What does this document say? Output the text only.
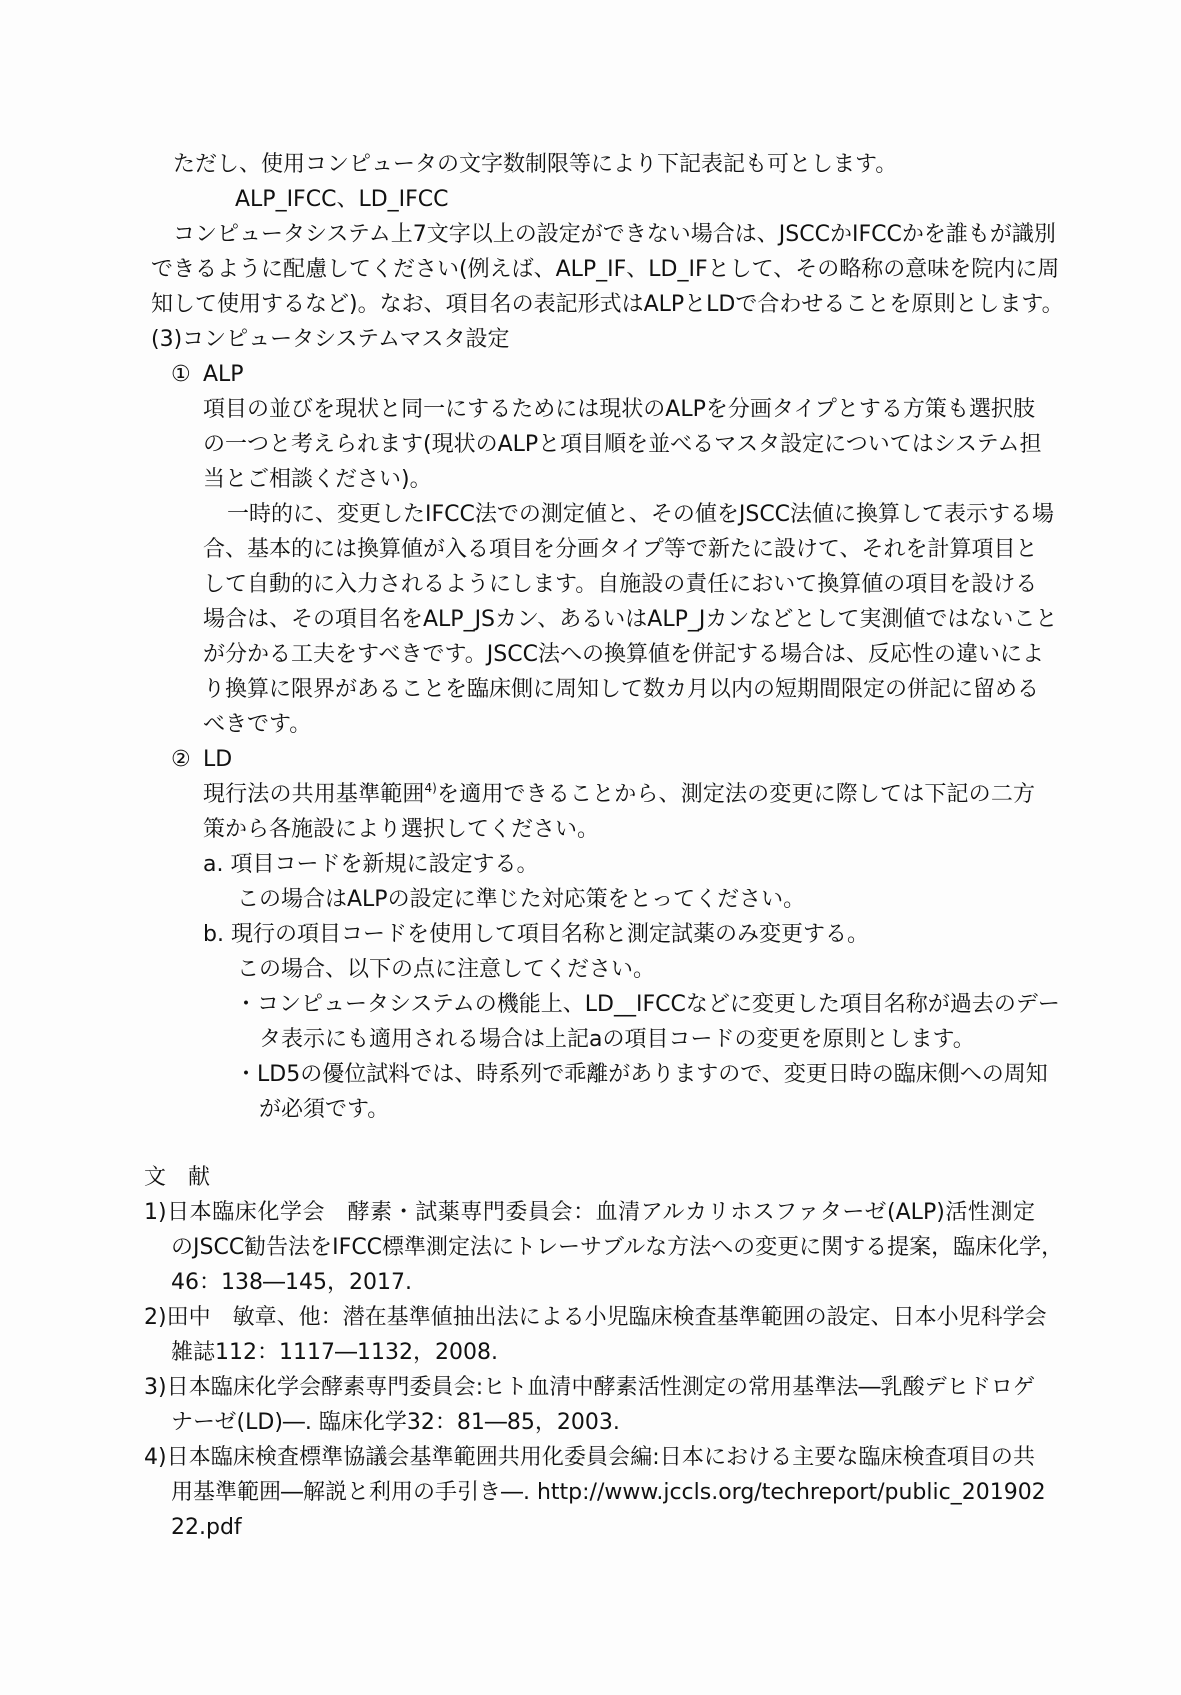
ただし、使用コンピュータの文字数制限等により下記表記も可とします。
ALP_IFCC、LD_IFCC
コンピュータシステム上7文字以上の設定ができない場合は、JSCCかIFCCかを誰もが識別
できるように配慮してください(例えば、ALP_IF、LD_IFとして、その略称の意味を院内に周
知して使用するなど)。なお、項目名の表記形式はALPとLDで合わせることを原則とします。
(3)コンピュータシステムマスタ設定
① ALP
項目の並びを現状と同一にするためには現状のALPを分画タイプとする方策も選択肢
の一つと考えられます(現状のALPと項目順を並べるマスタ設定についてはシステム担
当とご相談ください)。
一時的に、変更したIFCC法での測定値と、その値をJSCC法値に換算して表示する場
合、基本的には換算値が入る項目を分画タイプ等で新たに設けて、それを計算項目と
して自動的に入力されるようにします。自施設の責任において換算値の項目を設ける
場合は、その項目名をALP_JSカン、あるいはALP_Jカンなどとして実測値ではないこと
が分かる工夫をすべきです。JSCC法への換算値を併記する場合は、反応性の違いによ
り換算に限界があることを臨床側に周知して数カ月以内の短期間限定の併記に留める
べきです。
② LD
現行法の共用基準範囲$^{4)}$を適用できることから、測定法の変更に際しては下記の二方
策から各施設により選択してください。
a. 項目コードを新規に設定する。
この場合はALPの設定に準じた対応策をとってください。
b. 現行の項目コードを使用して項目名称と測定試薬のみ変更する。
この場合、以下の点に注意してください。
・コンピュータシステムの機能上、LD__IFCCなどに変更した項目名称が過去のデー
タ表示にも適用される場合は上記aの項目コードの変更を原則とします。
・LD5の優位試料では、時系列で乖離がありますので、変更日時の臨床側への周知
が必須です。
文　献
1)日本臨床化学会　酵素・試薬専門委員会：血清アルカリホスファターゼ(ALP)活性測定
のJSCC勧告法をIFCC標準測定法にトレーサブルな方法への変更に関する提案，臨床化学，
46：138―145，2017.
2)田中　敏章、他：潜在基準値抽出法による小児臨床検査基準範囲の設定、日本小児科学会
雑誌112：1117―1132，2008.
3)日本臨床化学会酵素専門委員会:ヒト血清中酵素活性測定の常用基準法―乳酸デヒドロゲ
ナーゼ(LD)―. 臨床化学32：81―85，2003.
4)日本臨床検査標準協議会基準範囲共用化委員会編:日本における主要な臨床検査項目の共
用基準範囲―解説と利用の手引き―. http://www.jccls.org/techreport/public_201902
22.pdf
